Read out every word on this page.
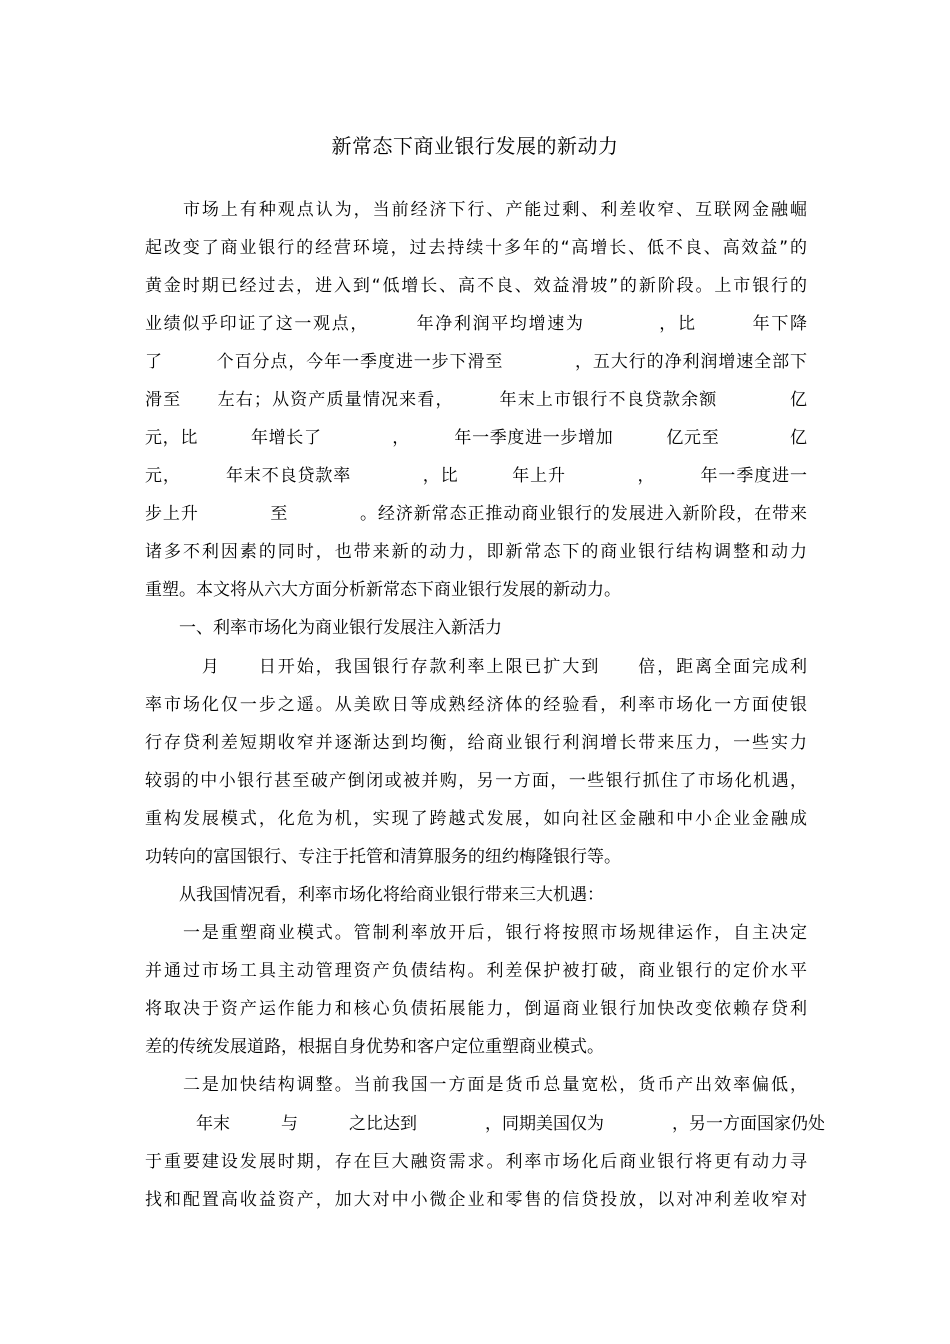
新常态下商业银行发展的新动力

　　市场上有种观点认为，当前经济下行、产能过剩、利差收窄、互联网金融崛

起改变了商业银行的经营环境，过去持续十多年的“高增长、低不良、高效益”的

黄金时期已经过去，进入到“低增长、高不良、效益滑坡”的新阶段。上市银行的

业绩似乎印证了这一观点，　　　年净利润平均增速为　　　　，比　　　年下降

了　　　个百分点，今年一季度进一步下滑至　　　　，五大行的净利润增速全部下

滑至　　左右；从资产质量情况来看，　　　年末上市银行不良贷款余额　　　　亿

元，比　　　年增长了　　　　，　　　年一季度进一步增加　　　亿元至　　　　亿

元，　　　年末不良贷款率　　　　，比　　　年上升　　　　，　　　年一季度进一

步上升　　　　至　　　　。经济新常态正推动商业银行的发展进入新阶段，在带来

诸多不利因素的同时，也带来新的动力，即新常态下的商业银行结构调整和动力

重塑。本文将从六大方面分析新常态下商业银行发展的新动力。

　　一、利率市场化为商业银行发展注入新活力

　　　月　　日开始，我国银行存款利率上限已扩大到　　倍，距离全面完成利

率市场化仅一步之遥。从美欧日等成熟经济体的经验看，利率市场化一方面使银

行存贷利差短期收窄并逐渐达到均衡，给商业银行利润增长带来压力，一些实力

较弱的中小银行甚至破产倒闭或被并购，另一方面，一些银行抓住了市场化机遇，

重构发展模式，化危为机，实现了跨越式发展，如向社区金融和中小企业金融成

功转向的富国银行、专注于托管和清算服务的纽约梅隆银行等。

　　从我国情况看，利率市场化将给商业银行带来三大机遇：

　　一是重塑商业模式。管制利率放开后，银行将按照市场规律运作，自主决定

并通过市场工具主动管理资产负债结构。利差保护被打破，商业银行的定价水平

将取决于资产运作能力和核心负债拓展能力，倒逼商业银行加快改变依赖存贷利

差的传统发展道路，根据自身优势和客户定位重塑商业模式。

　　二是加快结构调整。当前我国一方面是货币总量宽松，货币产出效率偏低，

　　　年末　　　与　　　之比达到　　　　，同期美国仅为　　　　，另一方面国家仍处

于重要建设发展时期，存在巨大融资需求。利率市场化后商业银行将更有动力寻

找和配置高收益资产，加大对中小微企业和零售的信贷投放，以对冲利差收窄对
